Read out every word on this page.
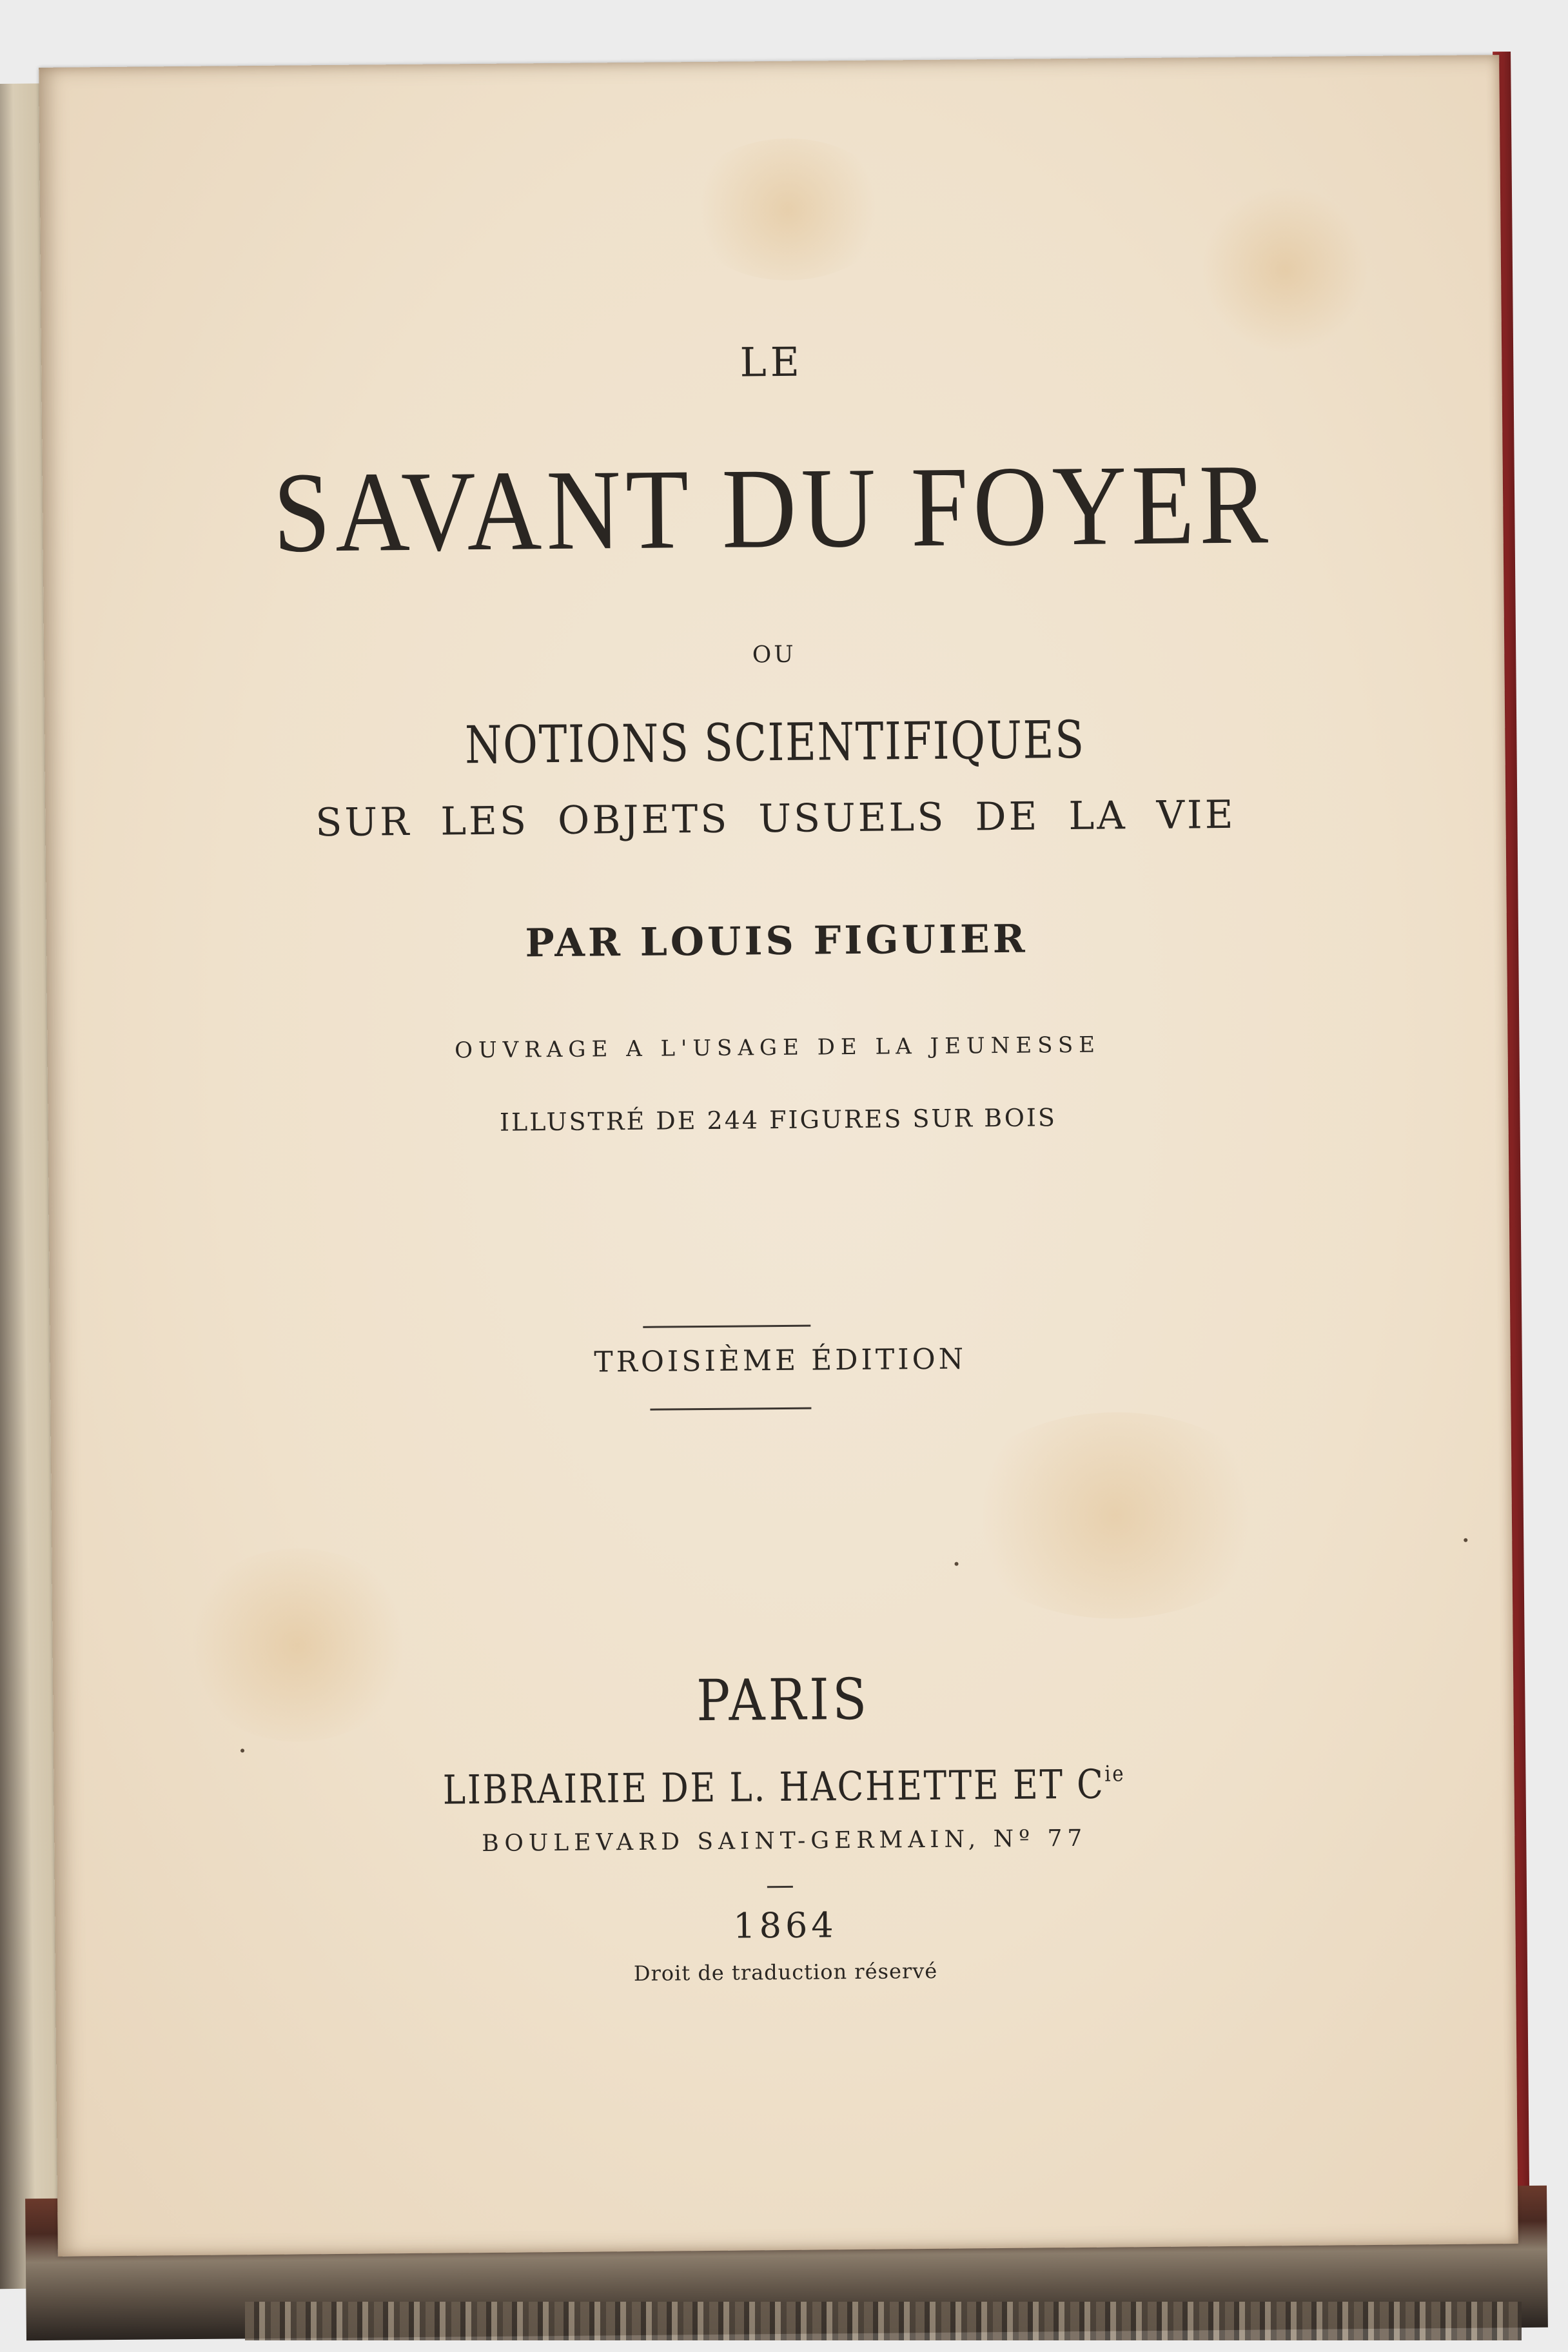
LE
SAVANT DU FOYER
OU
NOTIONS SCIENTIFIQUES
SUR LES OBJETS USUELS DE LA VIE
PAR LOUIS FIGUIER
OUVRAGE A L'USAGE DE LA JEUNESSE
ILLUSTRÉ DE 244 FIGURES SUR BOIS
TROISIÈME ÉDITION
PARIS
LIBRAIRIE DE L. HACHETTE ET $C^{ie}$
BOULEVARD SAINT-GERMAIN, Nº 77
1864
Droit de traduction réservé
